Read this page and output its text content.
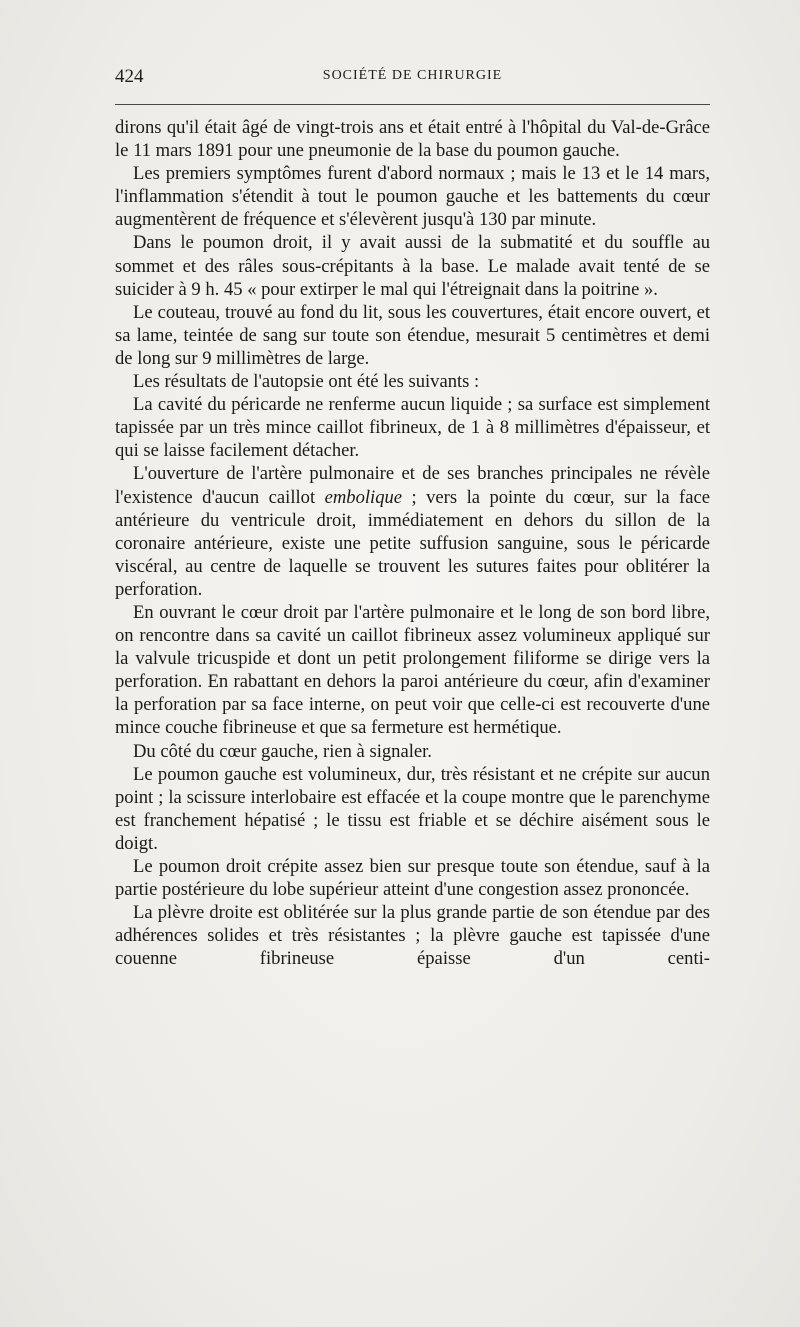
424	SOCIÉTÉ DE CHIRURGIE

dirons qu'il était âgé de vingt-trois ans et était entré à l'hôpital du Val-de-Grâce le 11 mars 1891 pour une pneumonie de la base du poumon gauche.

Les premiers symptômes furent d'abord normaux ; mais le 13 et le 14 mars, l'inflammation s'étendit à tout le poumon gauche et les battements du cœur augmentèrent de fréquence et s'élevèrent jusqu'à 130 par minute.

Dans le poumon droit, il y avait aussi de la submatité et du souffle au sommet et des râles sous-crépitants à la base. Le malade avait tenté de se suicider à 9 h. 45 « pour extirper le mal qui l'étreignait dans la poitrine ».

Le couteau, trouvé au fond du lit, sous les couvertures, était encore ouvert, et sa lame, teintée de sang sur toute son étendue, mesurait 5 centimètres et demi de long sur 9 millimètres de large.

Les résultats de l'autopsie ont été les suivants :

La cavité du péricarde ne renferme aucun liquide ; sa surface est simplement tapissée par un très mince caillot fibrineux, de 1 à 8 millimètres d'épaisseur, et qui se laisse facilement détacher.

L'ouverture de l'artère pulmonaire et de ses branches principales ne révèle l'existence d'aucun caillot embolique ; vers la pointe du cœur, sur la face antérieure du ventricule droit, immédiatement en dehors du sillon de la coronaire antérieure, existe une petite suffusion sanguine, sous le péricarde viscéral, au centre de laquelle se trouvent les sutures faites pour oblitérer la perforation.

En ouvrant le cœur droit par l'artère pulmonaire et le long de son bord libre, on rencontre dans sa cavité un caillot fibrineux assez volumineux appliqué sur la valvule tricuspide et dont un petit prolongement filiforme se dirige vers la perforation. En rabattant en dehors la paroi antérieure du cœur, afin d'examiner la perforation par sa face interne, on peut voir que celle-ci est recouverte d'une mince couche fibrineuse et que sa fermeture est hermétique.

Du côté du cœur gauche, rien à signaler.

Le poumon gauche est volumineux, dur, très résistant et ne crépite sur aucun point ; la scissure interlobaire est effacée et la coupe montre que le parenchyme est franchement hépatisé ; le tissu est friable et se déchire aisément sous le doigt.

Le poumon droit crépite assez bien sur presque toute son étendue, sauf à la partie postérieure du lobe supérieur atteint d'une congestion assez prononcée.

La plèvre droite est oblitérée sur la plus grande partie de son étendue par des adhérences solides et très résistantes ; la plèvre gauche est tapissée d'une couenne fibrineuse épaisse d'un centi-
